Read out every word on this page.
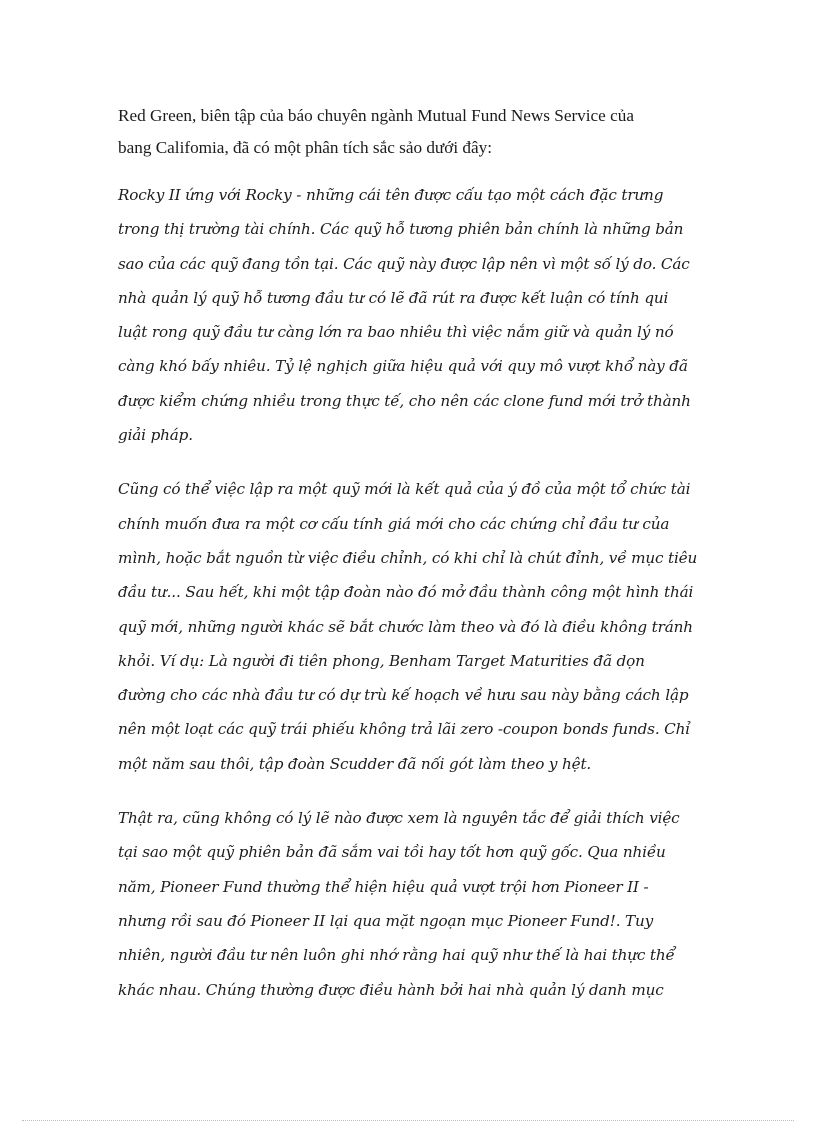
Red Green, biên tập của báo chuyên ngành Mutual Fund News Service của
bang Califomia, đã có một phân tích sắc sảo dưới đây:

Rocky II ứng với Rocky - những cái tên được cấu tạo một cách đặc trưng
trong thị trường tài chính. Các quỹ hỗ tương phiên bản chính là những bản
sao của các quỹ đang tồn tại. Các quỹ này được lập nên vì một số lý do. Các
nhà quản lý quỹ hỗ tương đầu tư có lẽ đã rút ra được kết luận có tính qui
luật rong quỹ đầu tư càng lớn ra bao nhiêu thì việc nắm giữ và quản lý nó
càng khó bấy nhiêu. Tỷ lệ nghịch giữa hiệu quả với quy mô vượt khổ này đã
được kiểm chứng nhiều trong thực tế, cho nên các clone fund mới trở thành
giải pháp.

Cũng có thể việc lập ra một quỹ mới là kết quả của ý đồ của một tổ chức tài
chính muốn đưa ra một cơ cấu tính giá mới cho các chứng chỉ đầu tư của
mình, hoặc bắt nguồn từ việc điều chỉnh, có khi chỉ là chút đỉnh, về mục tiêu
đầu tư... Sau hết, khi một tập đoàn nào đó mở đầu thành công một hình thái
quỹ mới, những người khác sẽ bắt chước làm theo và đó là điều không tránh
khỏi. Ví dụ: Là người đi tiên phong, Benham Target Maturities đã dọn
đường cho các nhà đầu tư có dự trù kế hoạch về hưu sau này bằng cách lập
nên một loạt các quỹ trái phiếu không trả lãi zero -coupon bonds funds. Chỉ
một năm sau thôi, tập đoàn Scudder đã nối gót làm theo y hệt.

Thật ra, cũng không có lý lẽ nào được xem là nguyên tắc để giải thích việc
tại sao một quỹ phiên bản đã sắm vai tồi hay tốt hơn quỹ gốc. Qua nhiều
năm, Pioneer Fund thường thể hiện hiệu quả vượt trội hơn Pioneer II -
nhưng rồi sau đó Pioneer II lại qua mặt ngoạn mục Pioneer Fund!. Tuy
nhiên, người đầu tư nên luôn ghi nhớ rằng hai quỹ như thế là hai thực thể
khác nhau. Chúng thường được điều hành bởi hai nhà quản lý danh mục
